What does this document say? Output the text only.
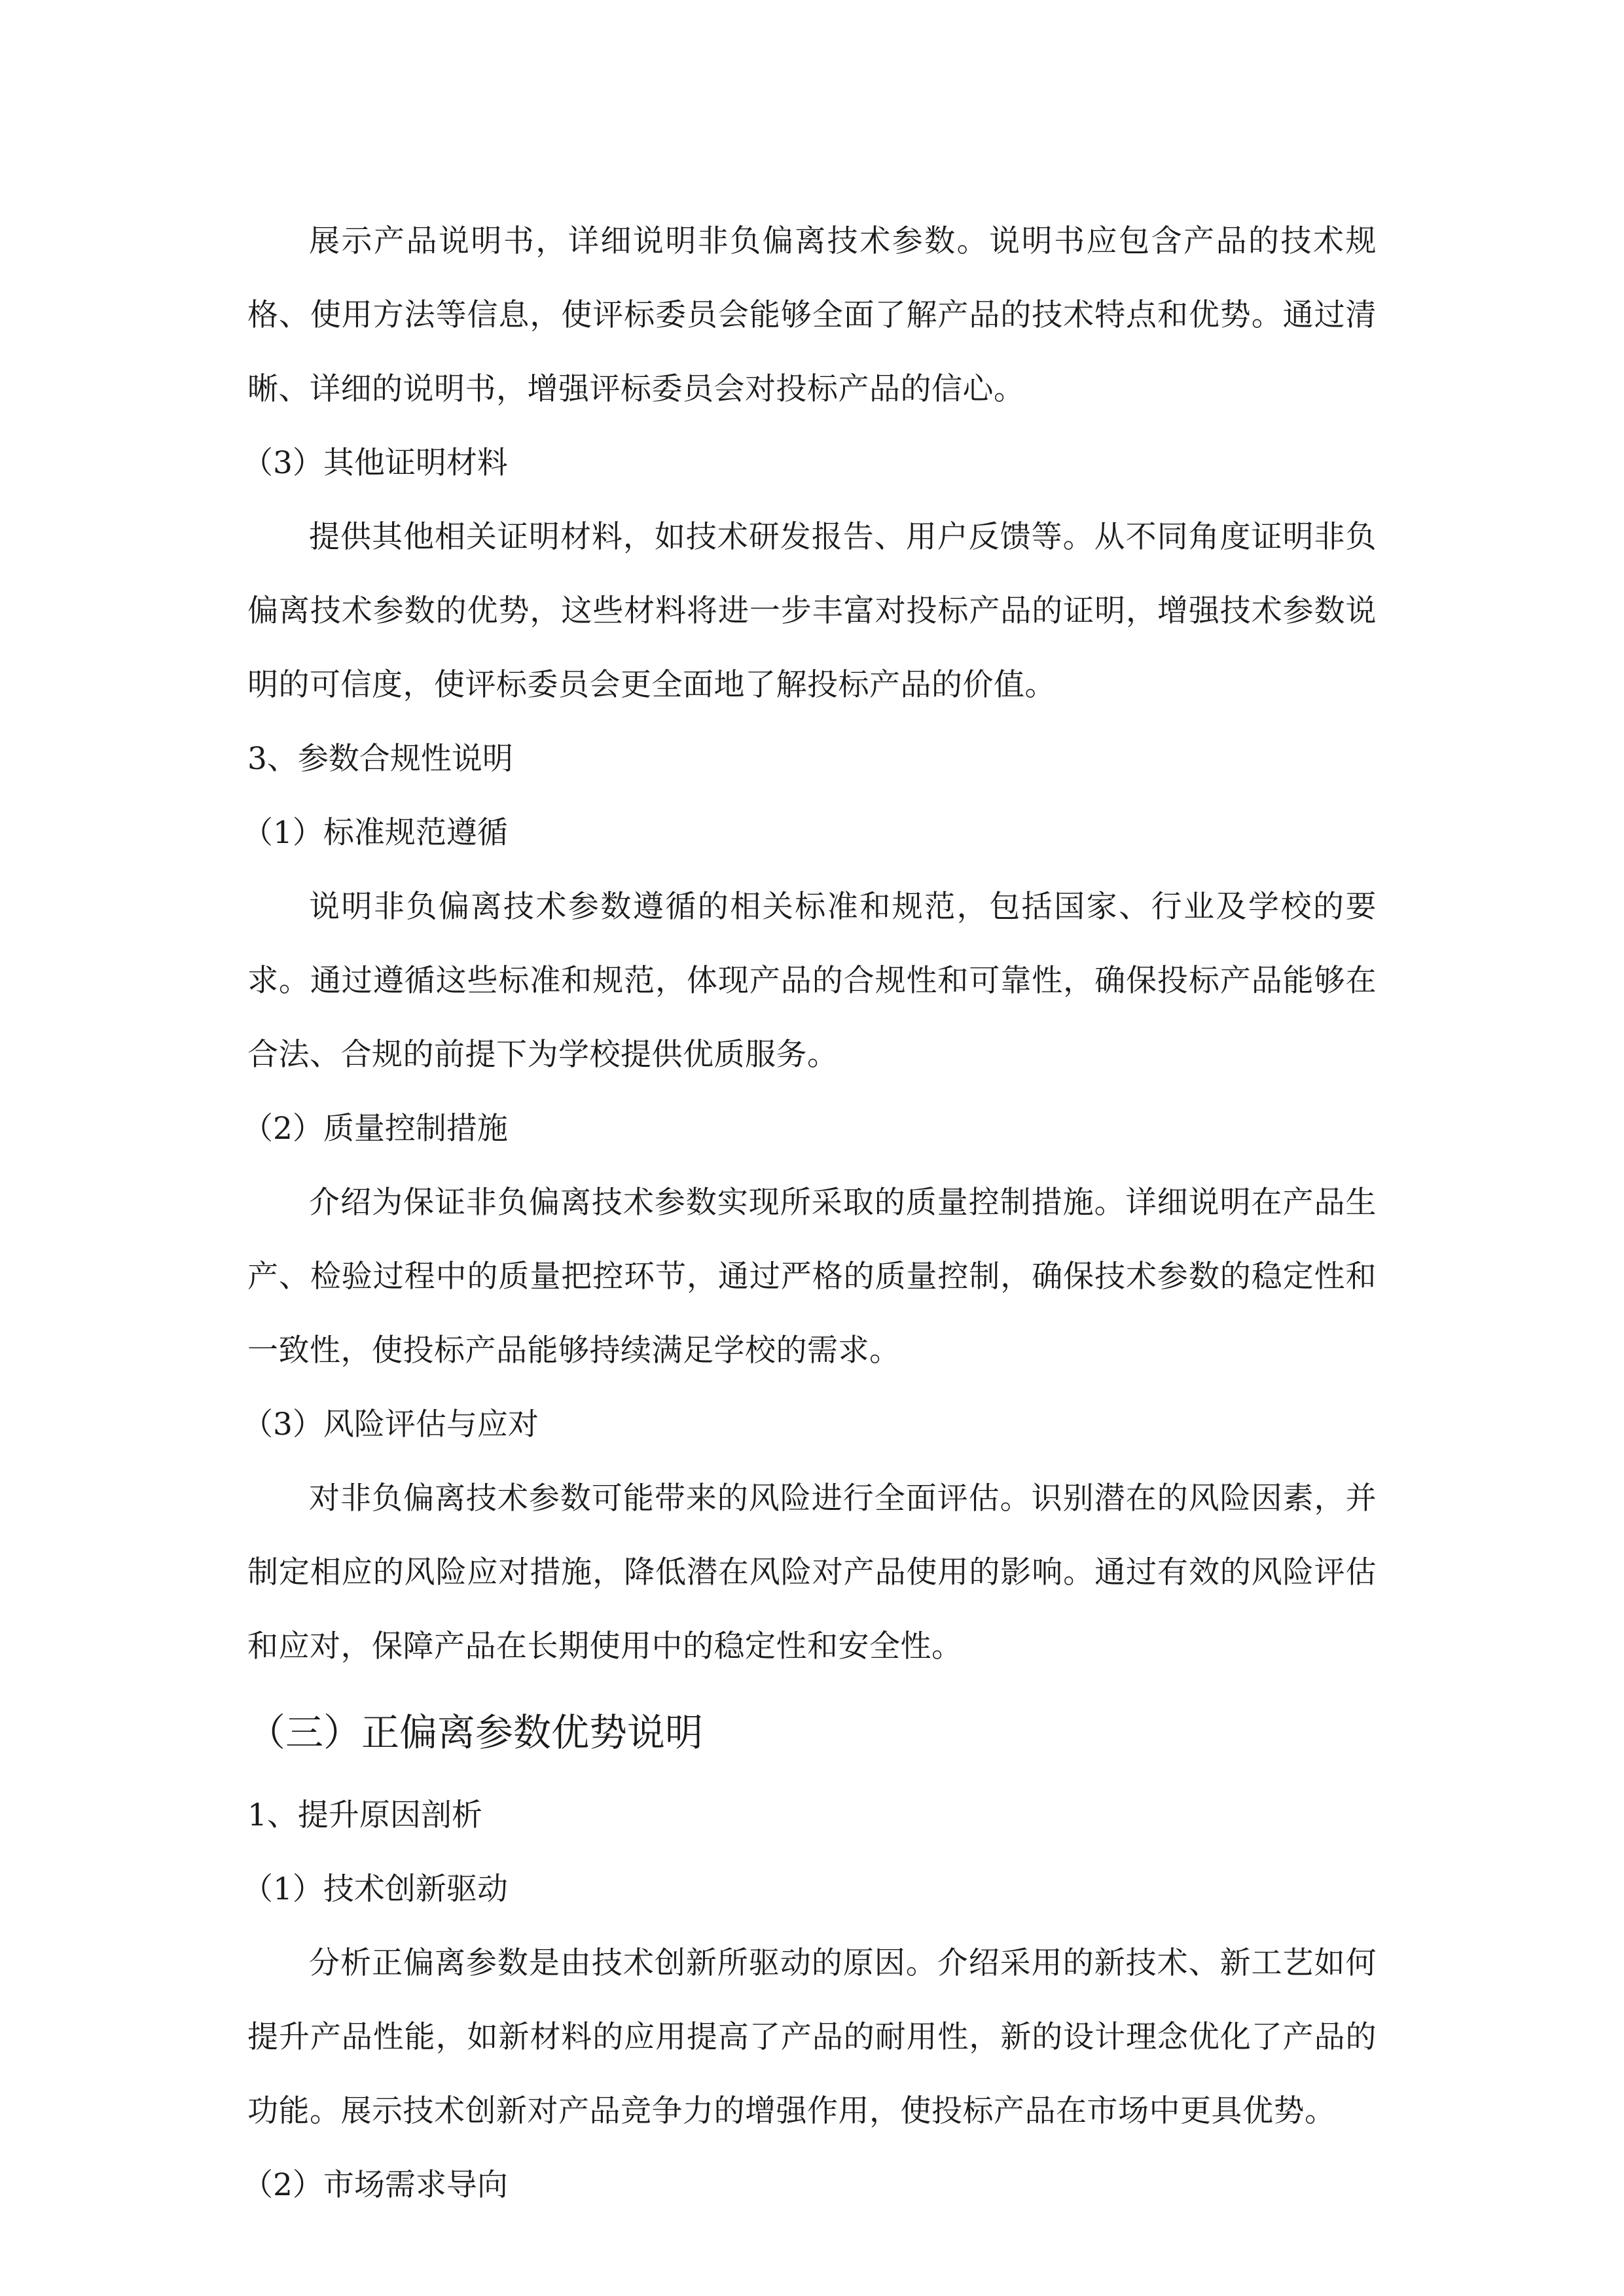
展示产品说明书，详细说明非负偏离技术参数。说明书应包含产品的技术规格、使用方法等信息，使评标委员会能够全面了解产品的技术特点和优势。通过清晰、详细的说明书，增强评标委员会对投标产品的信心。

（3）其他证明材料

提供其他相关证明材料，如技术研发报告、用户反馈等。从不同角度证明非负偏离技术参数的优势，这些材料将进一步丰富对投标产品的证明，增强技术参数说明的可信度，使评标委员会更全面地了解投标产品的价值。

3、参数合规性说明

（1）标准规范遵循

说明非负偏离技术参数遵循的相关标准和规范，包括国家、行业及学校的要求。通过遵循这些标准和规范，体现产品的合规性和可靠性，确保投标产品能够在合法、合规的前提下为学校提供优质服务。

（2）质量控制措施

介绍为保证非负偏离技术参数实现所采取的质量控制措施。详细说明在产品生产、检验过程中的质量把控环节，通过严格的质量控制，确保技术参数的稳定性和一致性，使投标产品能够持续满足学校的需求。

（3）风险评估与应对

对非负偏离技术参数可能带来的风险进行全面评估。识别潜在的风险因素，并制定相应的风险应对措施，降低潜在风险对产品使用的影响。通过有效的风险评估和应对，保障产品在长期使用中的稳定性和安全性。

（三）正偏离参数优势说明

1、提升原因剖析

（1）技术创新驱动

分析正偏离参数是由技术创新所驱动的原因。介绍采用的新技术、新工艺如何提升产品性能，如新材料的应用提高了产品的耐用性，新的设计理念优化了产品的功能。展示技术创新对产品竞争力的增强作用，使投标产品在市场中更具优势。

（2）市场需求导向
